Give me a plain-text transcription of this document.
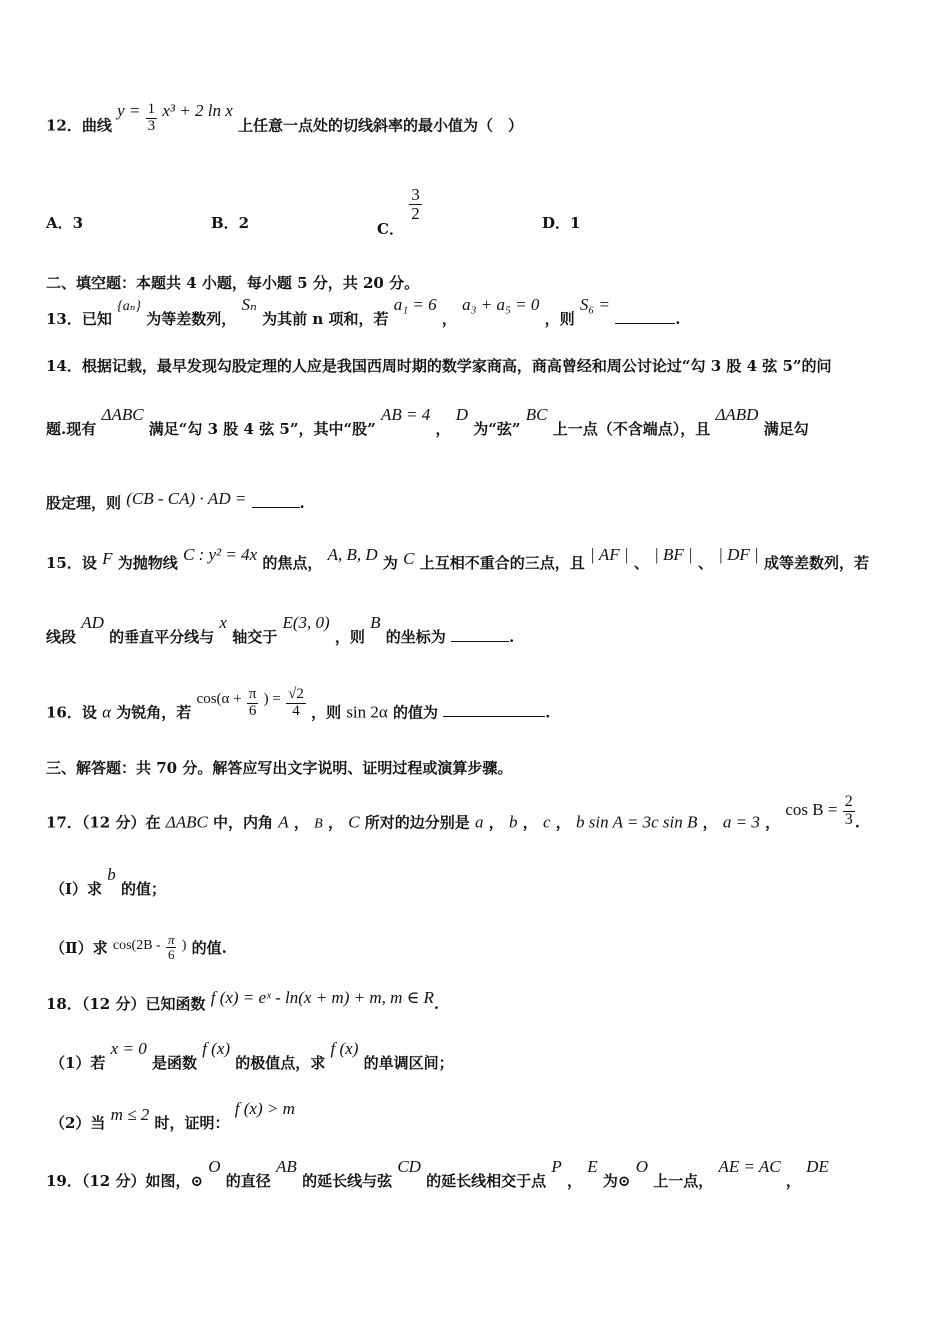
12．曲线 $y = \frac{1}{3} x^3 + 2$ ln x 上任意一点处的切线斜率的最小值为（　）
A．3	B．2	C．
$\frac{3}{2}$
D．1
二、填空题：本题共 4 小题，每小题 5 分，共 20 分。
13．已知 {aₙ} 为等差数列， Sₙ 为其前 n 项和，若 a₁ = 6 ， a₃ + a₅ = 0 ，则 S₆ = .
14．根据记载，最早发现勾股定理的人应是我国西周时期的数学家商高，商高曾经和周公讨论过“勾 3 股 4 弦 5”的问
题.现有 ΔABC 满足“勾 3 股 4 弦 5”，其中“股” AB = 4 ， D 为“弦” BC 上一点（不含端点），且 ΔABD 满足勾
股定理，则 (CB - CA) · AD =	.
15．设 F 为抛物线 C : y² = 4x 的焦点， A, B, D 为 C 上互相不重合的三点，且 | AF | 、 | BF | 、 | DF | 成等差数列，若
线段 AD 的垂直平分线与 x 轴交于 E(3, 0) ，则 B 的坐标为	.
16．设 α 为锐角，若 $\cos(\alpha + \frac{\pi}{6}$ ) = $\frac{√2}{4}$ ，则 sin 2α 的值为	.
三、解答题：共 70 分。解答应写出文字说明、证明过程或演算步骤。
17．（12 分）在 ΔABC 中，内角 A ， B ， C 所对的边分别是 a ， b ， c ， b sin A = 3c sin B ， a = 3 ， $\cos B = \frac{2}{3}$ .
（Ⅰ）求 b 的值；
（Ⅱ）求 $\cos(2B - \frac{\pi}{6}$ ) 的值.
18．（12 分）已知函数 f (x) = eˣ - ln(x + m) + m, m ∈ R.
（1）若 x = 0 是函数 f (x) 的极值点，求 f (x) 的单调区间；
（2）当 m ≤ 2 时，证明： f (x) > m
19．（12 分）如图，⊙ O 的直径 AB 的延长线与弦 CD 的延长线相交于点 P ， E 为⊙ O 上一点， AE = AC ， DE
